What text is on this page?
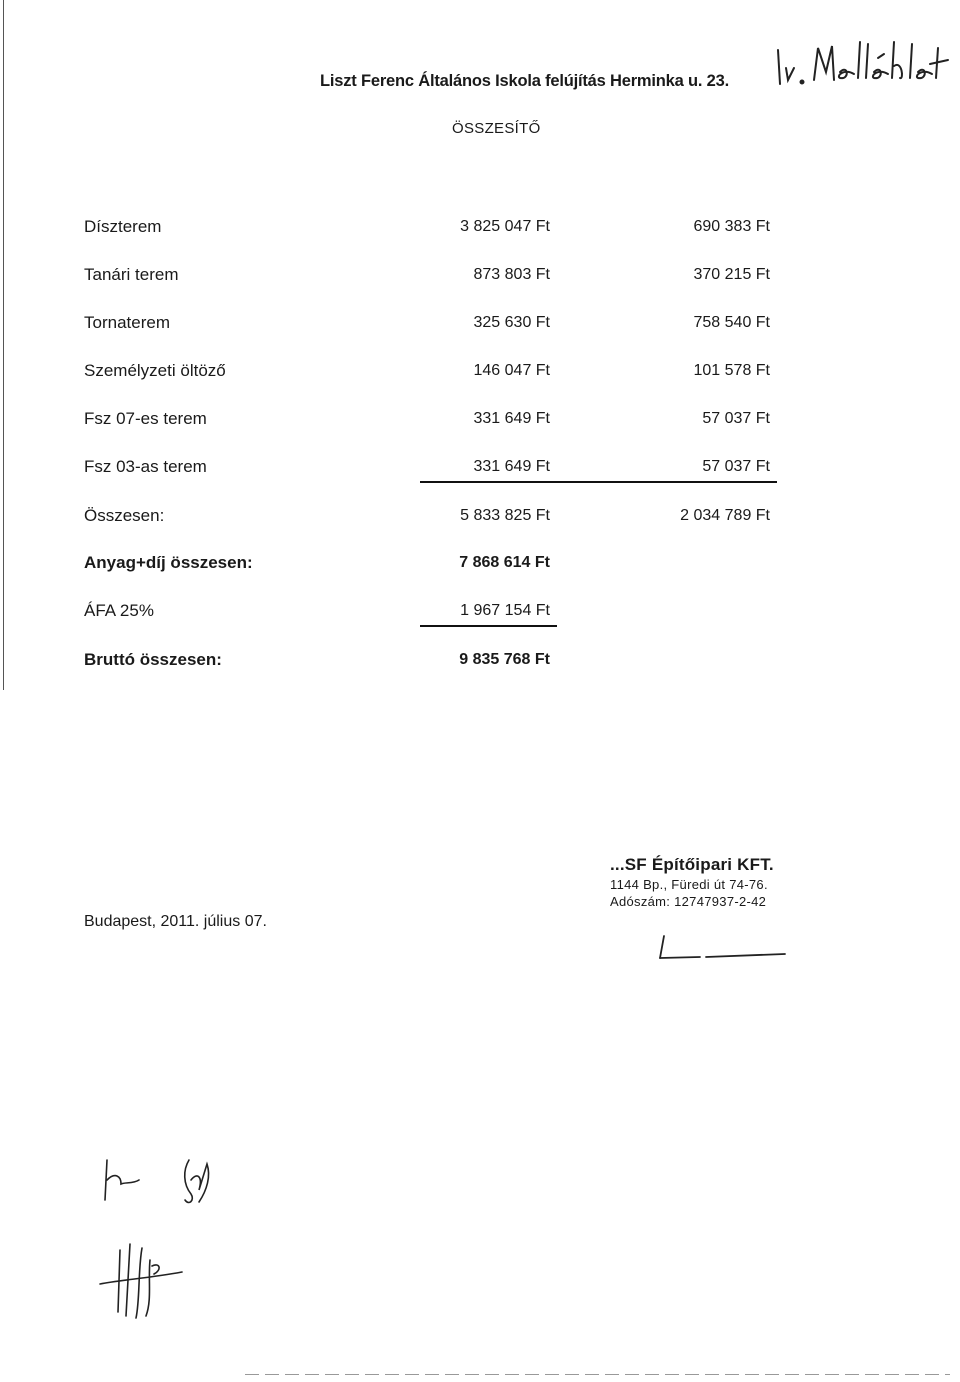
Liszt Ferenc Általános Iskola felújítás Herminka u. 23.
ÖSSZESÍTŐ
Díszterem	3 825 047 Ft	690 383 Ft
Tanári terem	873 803 Ft	370 215 Ft
Tornaterem	325 630 Ft	758 540 Ft
Személyzeti öltöző	146 047 Ft	101 578 Ft
Fsz 07-es terem	331 649 Ft	57 037 Ft
Fsz 03-as terem	331 649 Ft	57 037 Ft
Összesen:	5 833 825 Ft	2 034 789 Ft
Anyag+díj összesen:	7 868 614 Ft
ÁFA 25%	1 967 154 Ft
Bruttó összesen:	9 835 768 Ft
...SF Építőipari KFT.
1144 Bp., Füredi út 74-76.
Adószám: 12747937-2-42
Budapest, 2011. július 07.
